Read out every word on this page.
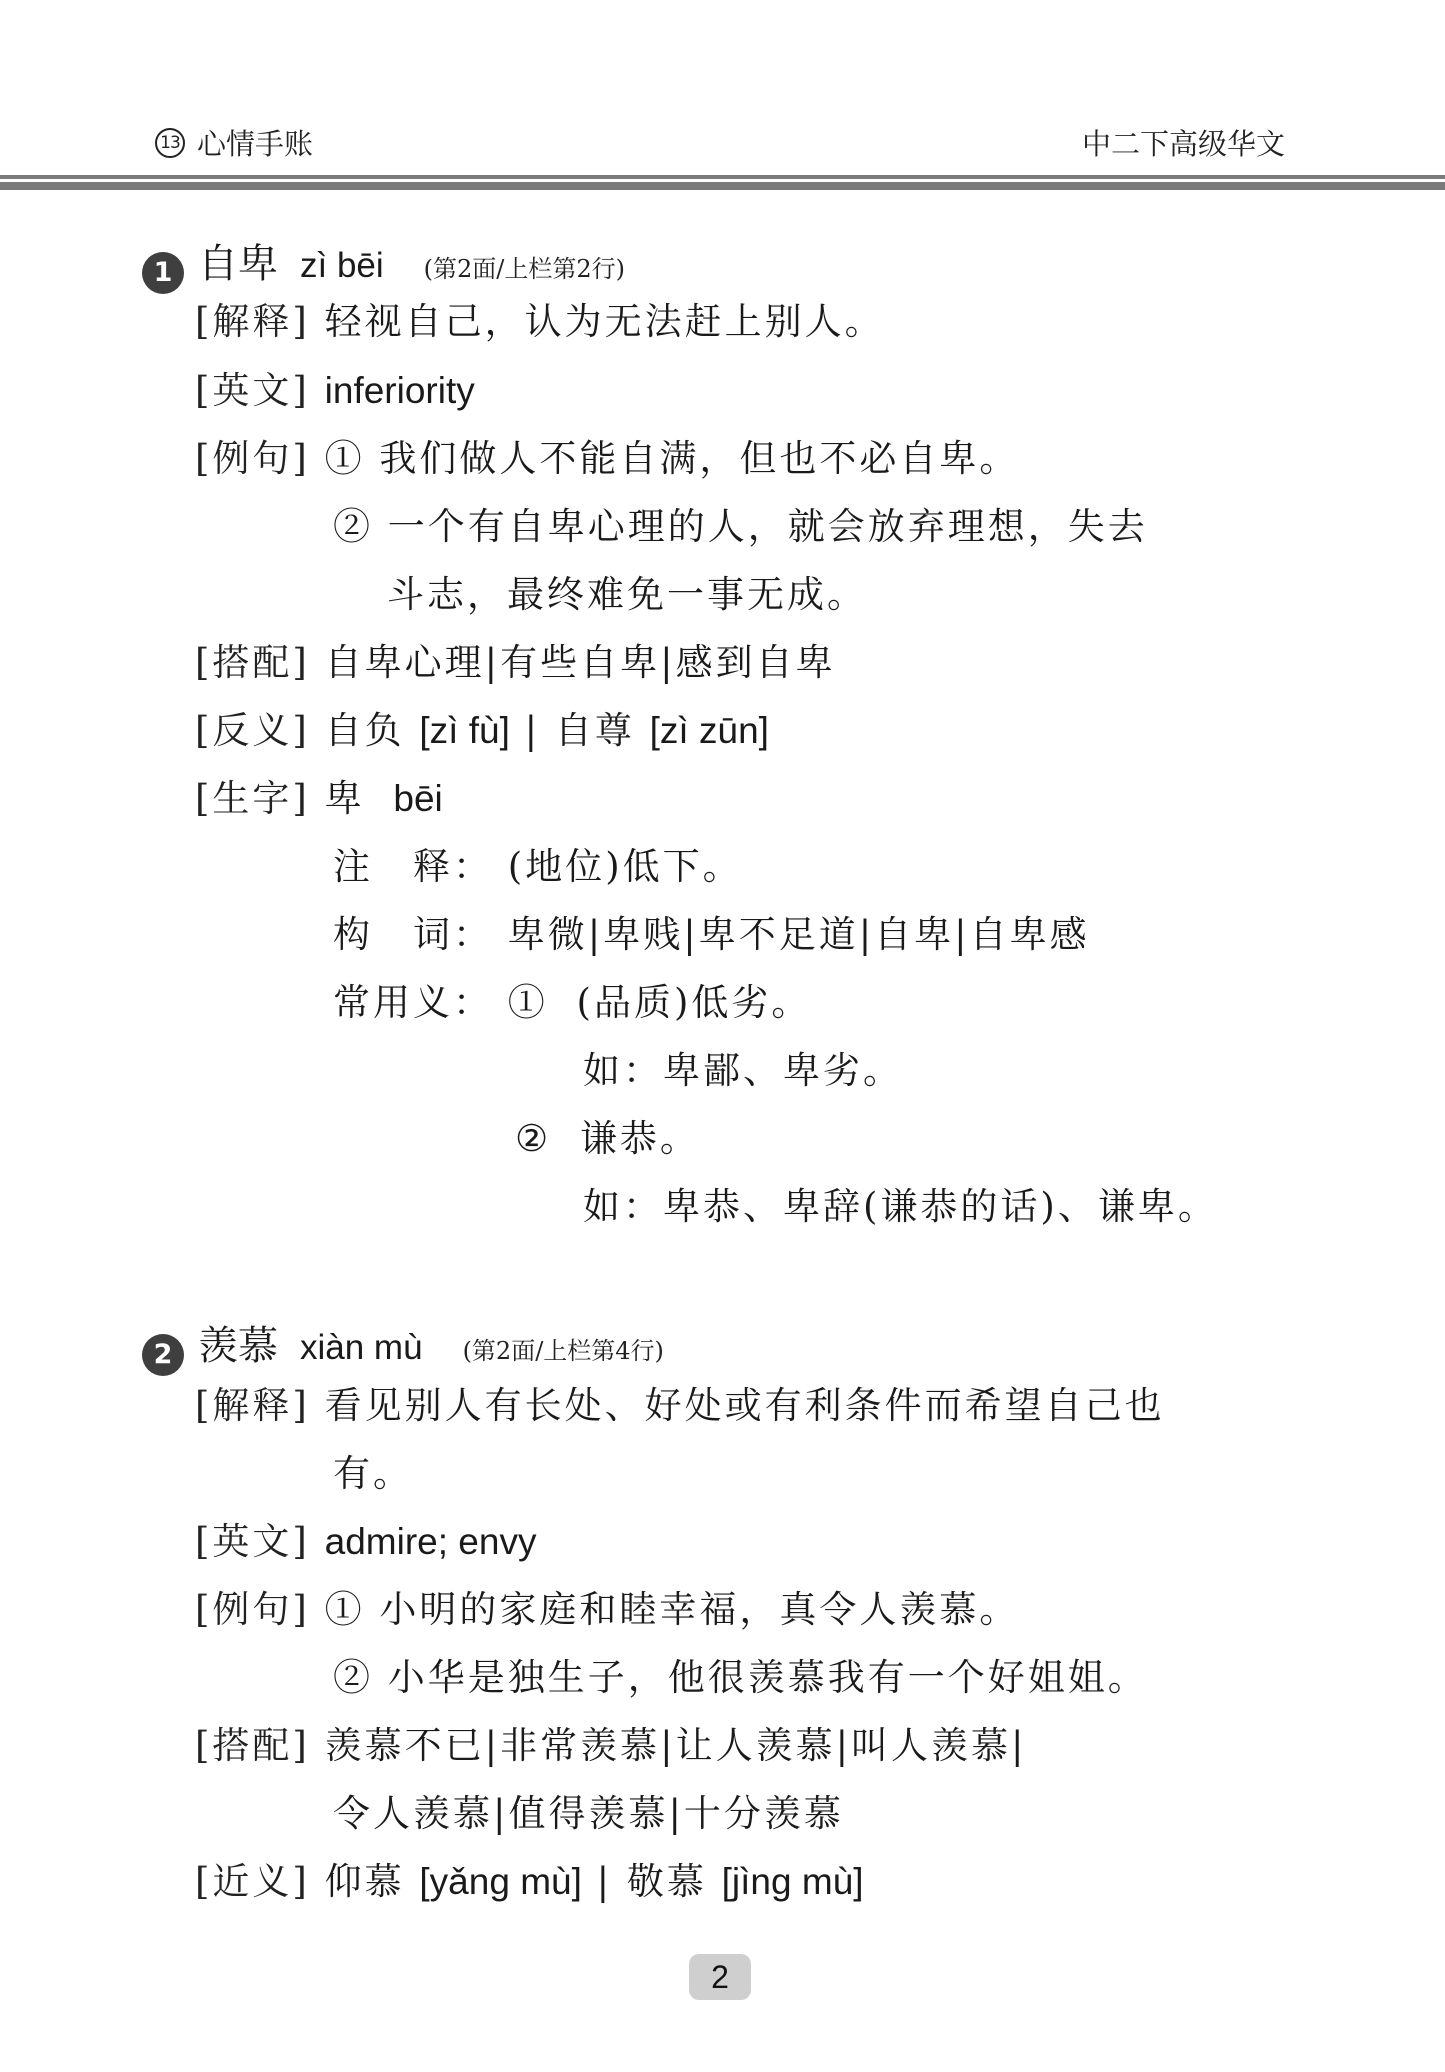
13 心情手账	中二下高级华文
1 自卑 zì bēi (第2面/上栏第2行)
[解释] 轻视自己，认为无法赶上别人。
[英文] inferiority
[例句] ① 我们做人不能自满，但也不必自卑。
② 一个有自卑心理的人，就会放弃理想，失去
斗志，最终难免一事无成。
[搭配] 自卑心理|有些自卑|感到自卑
[反义] 自负 [zì fù] | 自尊 [zì zūn]
[生字] 卑 bēi
注　释： (地位)低下。
构　词： 卑微|卑贱|卑不足道|自卑|自卑感
常用义： ① (品质)低劣。
如：卑鄙、卑劣。
② 谦恭。
如：卑恭、卑辞(谦恭的话)、谦卑。
2 羡慕 xiàn mù (第2面/上栏第4行)
[解释] 看见别人有长处、好处或有利条件而希望自己也
有。
[英文] admire; envy
[例句] ① 小明的家庭和睦幸福，真令人羡慕。
② 小华是独生子，他很羡慕我有一个好姐姐。
[搭配] 羡慕不已|非常羡慕|让人羡慕|叫人羡慕|
令人羡慕|值得羡慕|十分羡慕
[近义] 仰慕 [yǎng mù] | 敬慕 [jìng mù]
2
